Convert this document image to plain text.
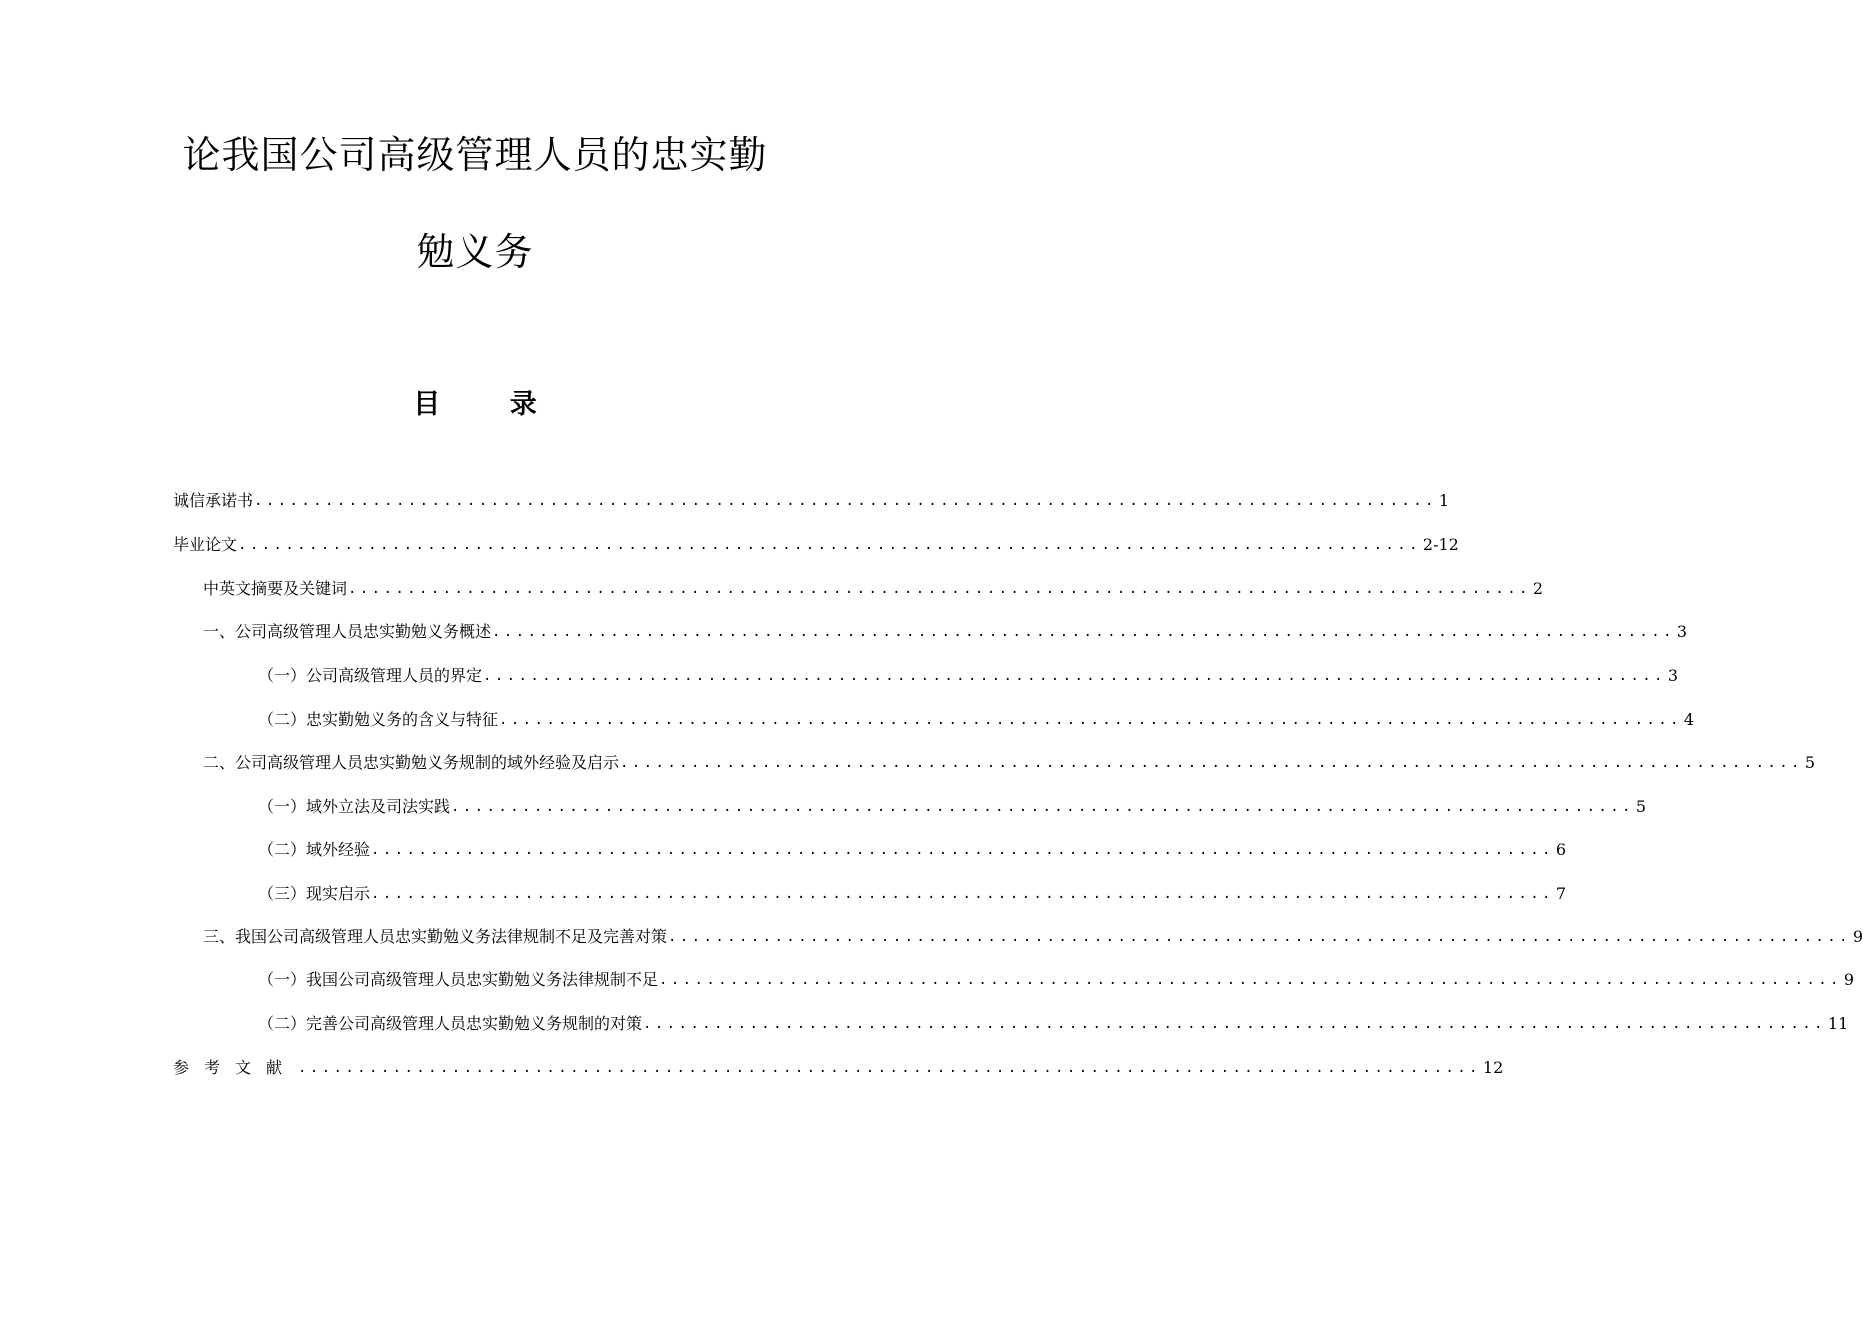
论我国公司高级管理人员的忠实勤
勉义务
目 录
诚信承诺书 .................................................................................................... 1
毕业论文 .................................................................................................... 2-12
中英文摘要及关键词 .................................................................................................... 2
一、公司高级管理人员忠实勤勉义务概述 .................................................................................................... 3
（一）公司高级管理人员的界定 .................................................................................................... 3
（二）忠实勤勉义务的含义与特征 .................................................................................................... 4
二、公司高级管理人员忠实勤勉义务规制的域外经验及启示 .................................................................................................... 5
（一）域外立法及司法实践 .................................................................................................... 5
（二）域外经验 .................................................................................................... 6
（三）现实启示 .................................................................................................... 7
三、我国公司高级管理人员忠实勤勉义务法律规制不足及完善对策 .................................................................................................... 9
（一）我国公司高级管理人员忠实勤勉义务法律规制不足 .................................................................................................... 9
（二）完善公司高级管理人员忠实勤勉义务规制的对策 .................................................................................................... 11
参考文献 .................................................................................................... 12
